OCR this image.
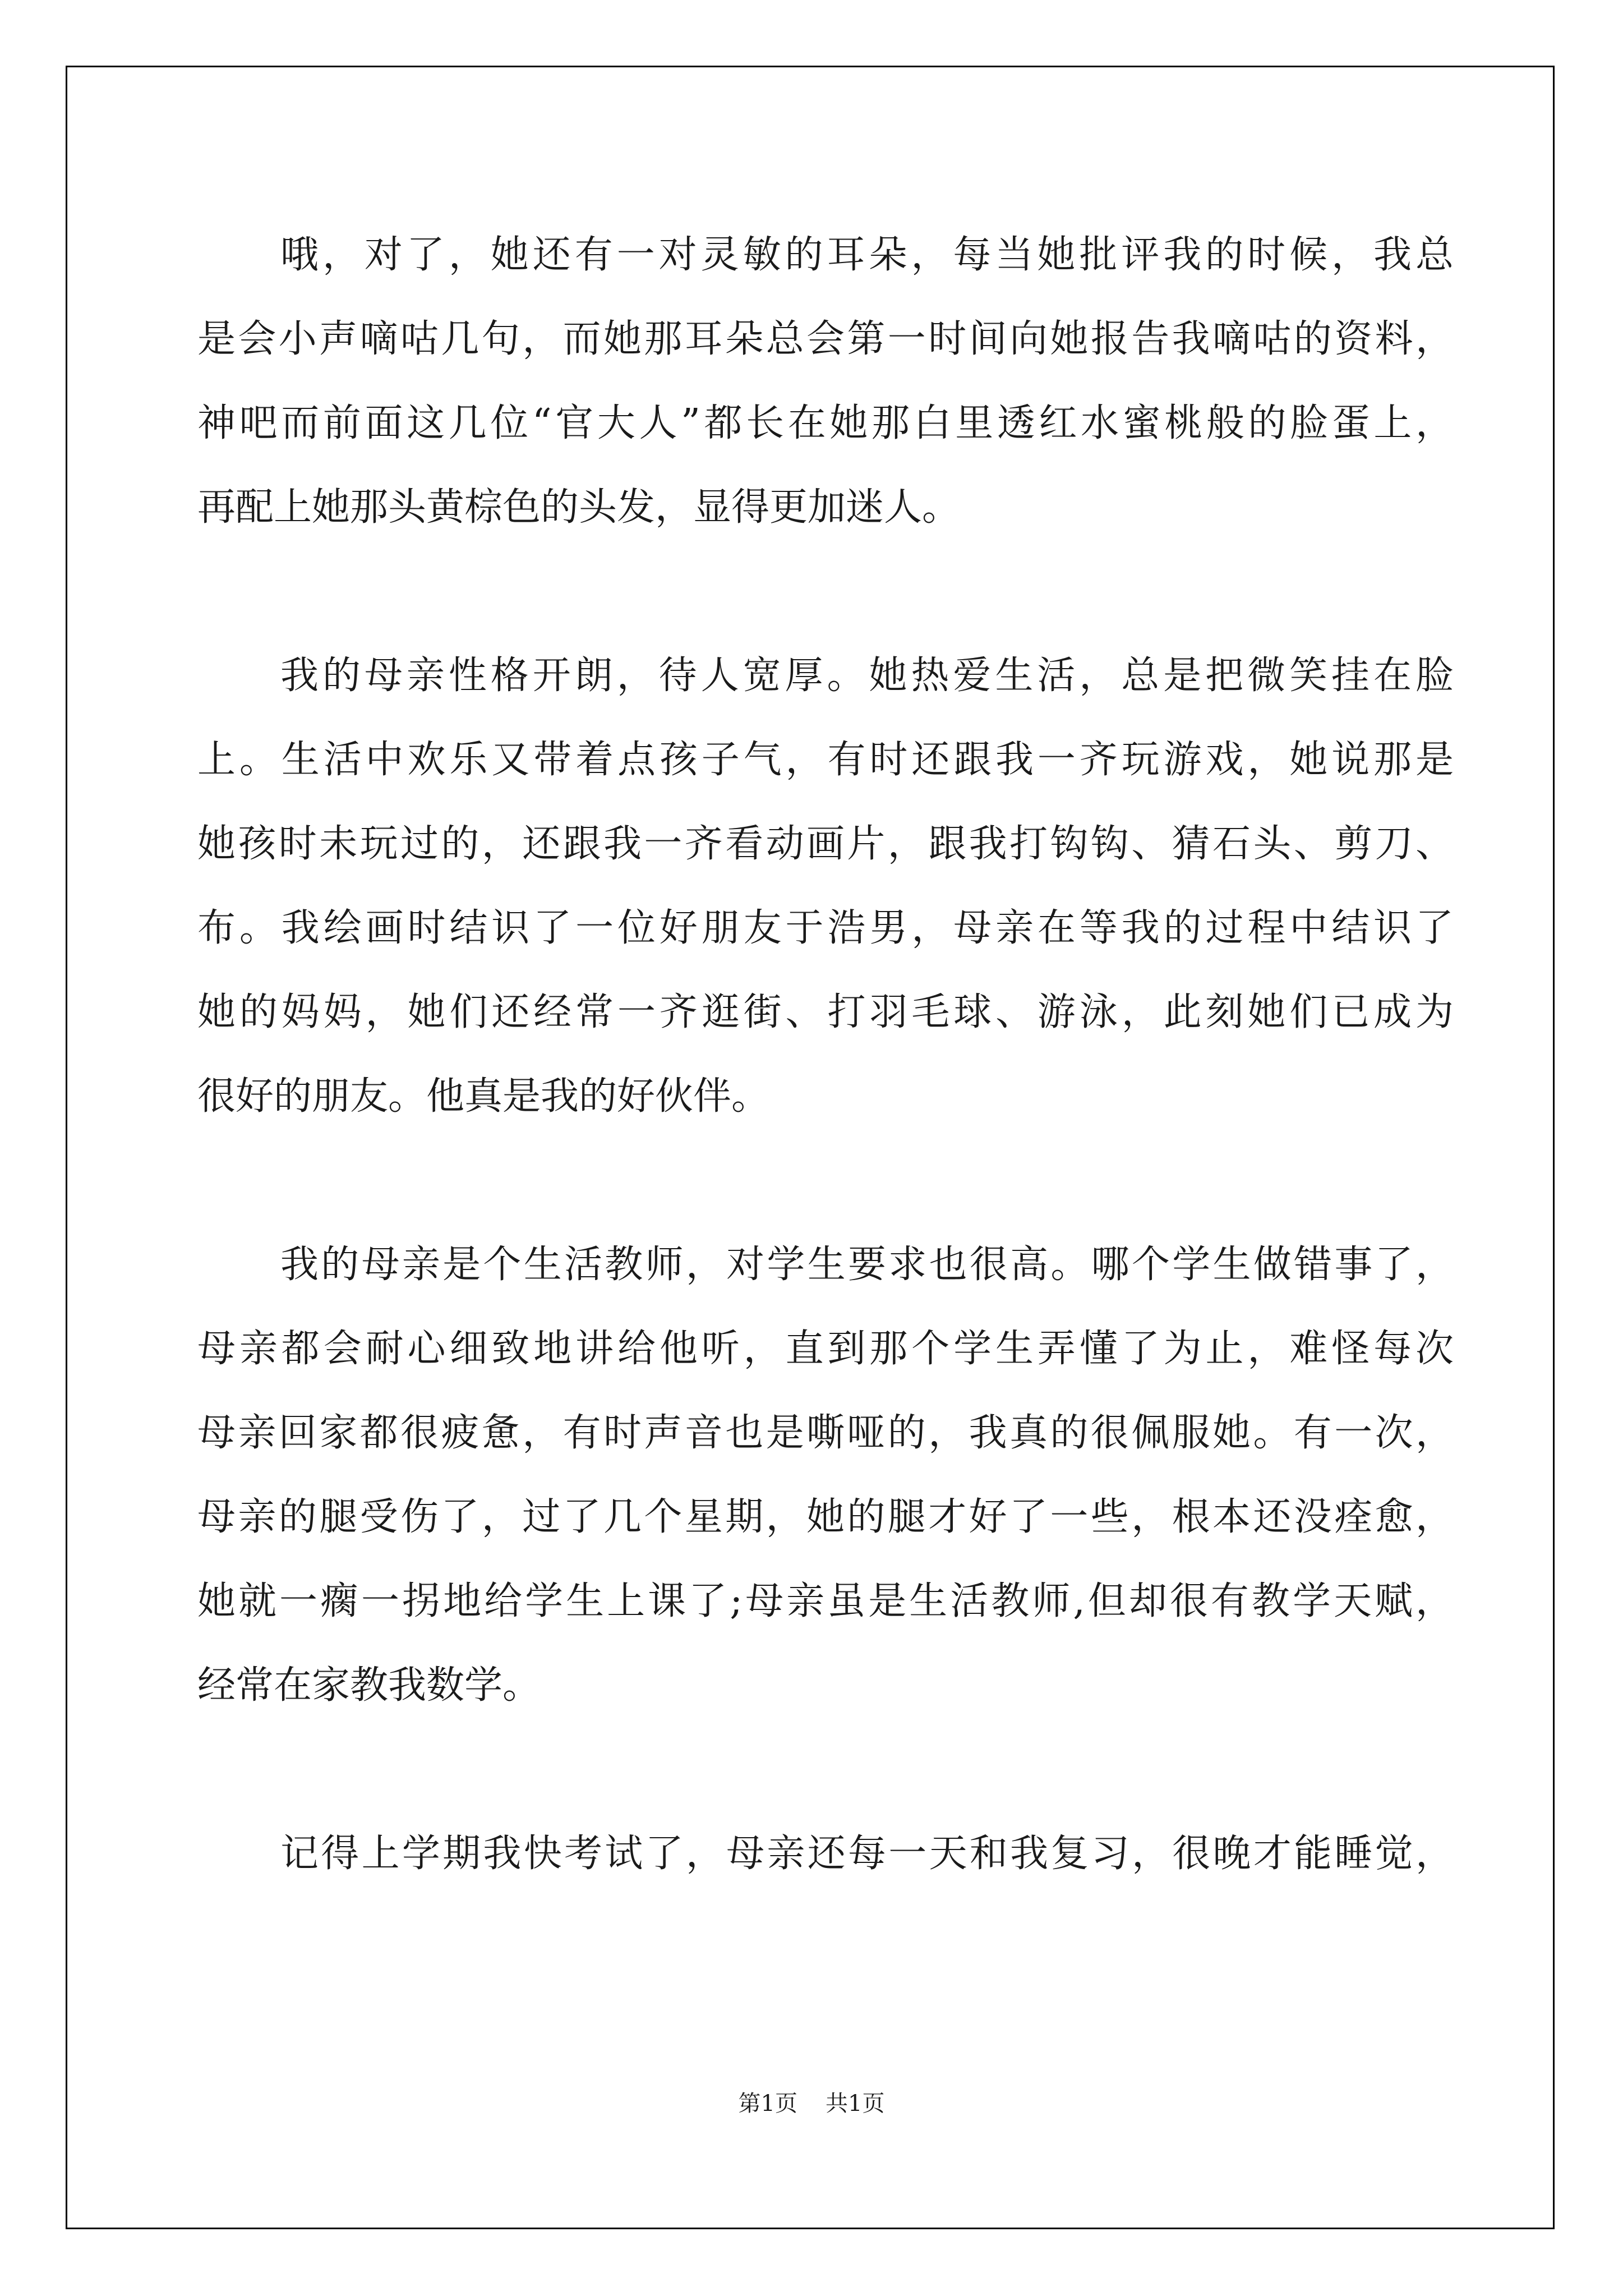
哦，对了，她还有一对灵敏的耳朵，每当她批评我的时候，我总
是会小声嘀咕几句，而她那耳朵总会第一时间向她报告我嘀咕的资料，
神吧而前面这几位“官大人”都长在她那白里透红水蜜桃般的脸蛋上，
再配上她那头黄棕色的头发，显得更加迷人。
我的母亲性格开朗，待人宽厚。她热爱生活，总是把微笑挂在脸
上。生活中欢乐又带着点孩子气，有时还跟我一齐玩游戏，她说那是
她孩时未玩过的，还跟我一齐看动画片，跟我打钩钩、猜石头、剪刀、
布。我绘画时结识了一位好朋友于浩男，母亲在等我的过程中结识了
她的妈妈，她们还经常一齐逛街、打羽毛球、游泳，此刻她们已成为
很好的朋友。他真是我的好伙伴。
我的母亲是个生活教师，对学生要求也很高。哪个学生做错事了，
母亲都会耐心细致地讲给他听，直到那个学生弄懂了为止，难怪每次
母亲回家都很疲惫，有时声音也是嘶哑的，我真的很佩服她。有一次，
母亲的腿受伤了，过了几个星期，她的腿才好了一些，根本还没痊愈，
她就一瘸一拐地给学生上课了;母亲虽是生活教师,但却很有教学天赋，
经常在家教我数学。
记得上学期我快考试了，母亲还每一天和我复习，很晚才能睡觉，
第1页 共1页
